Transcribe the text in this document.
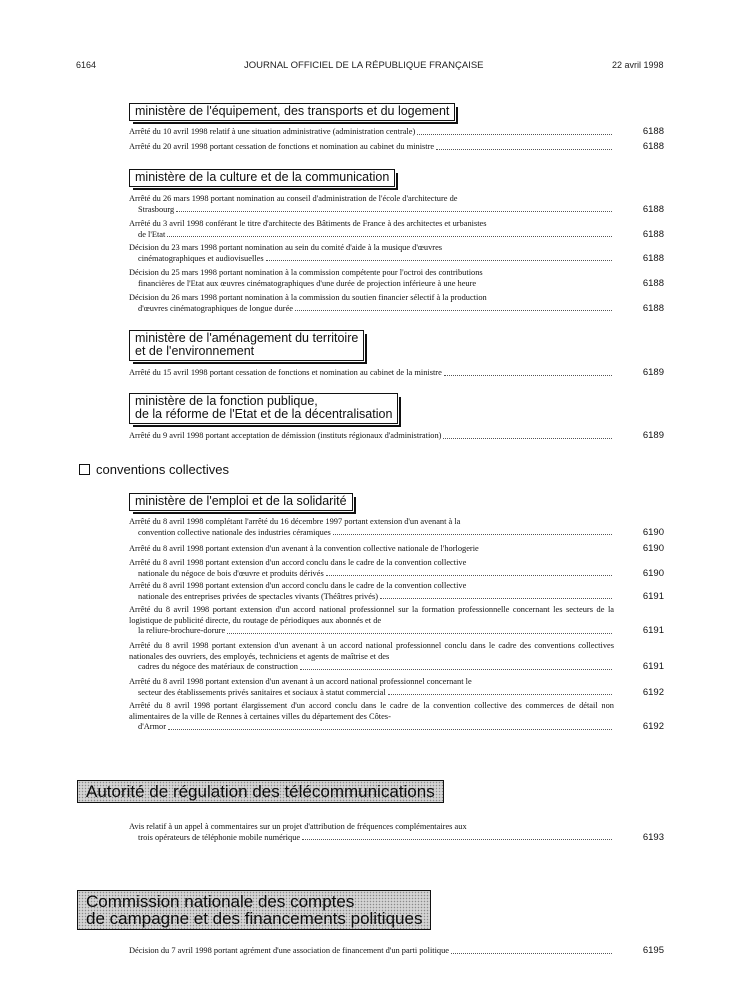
6164	JOURNAL OFFICIEL DE LA RÉPUBLIQUE FRANÇAISE	22 avril 1998
ministère de l'équipement, des transports et du logement
Arrêté du 10 avril 1998 relatif à une situation administrative (administration centrale)	6188
Arrêté du 20 avril 1998 portant cessation de fonctions et nomination au cabinet du ministre	6188
ministère de la culture et de la communication
Arrêté du 26 mars 1998 portant nomination au conseil d'administration de l'école d'architecture de
Strasbourg	6188
Arrêté du 3 avril 1998 conférant le titre d'architecte des Bâtiments de France à des architectes et urbanistes
de l'Etat	6188
Décision du 23 mars 1998 portant nomination au sein du comité d'aide à la musique d'œuvres
cinématographiques et audiovisuelles	6188
Décision du 25 mars 1998 portant nomination à la commission compétente pour l'octroi des contributions
financières de l'Etat aux œuvres cinématographiques d'une durée de projection inférieure à une heure	6188
Décision du 26 mars 1998 portant nomination à la commission du soutien financier sélectif à la production
d'œuvres cinématographiques de longue durée	6188
ministère de l'aménagement du territoire
et de l'environnement
Arrêté du 15 avril 1998 portant cessation de fonctions et nomination au cabinet de la ministre	6189
ministère de la fonction publique,
de la réforme de l'Etat et de la décentralisation
Arrêté du 9 avril 1998 portant acceptation de démission (instituts régionaux d'administration)	6189
conventions collectives
ministère de l'emploi et de la solidarité
Arrêté du 8 avril 1998 complétant l'arrêté du 16 décembre 1997 portant extension d'un avenant à la
convention collective nationale des industries céramiques	6190
Arrêté du 8 avril 1998 portant extension d'un avenant à la convention collective nationale de l'horlogerie	6190
Arrêté du 8 avril 1998 portant extension d'un accord conclu dans le cadre de la convention collective
nationale du négoce de bois d'œuvre et produits dérivés	6190
Arrêté du 8 avril 1998 portant extension d'un accord conclu dans le cadre de la convention collective
nationale des entreprises privées de spectacles vivants (Théâtres privés)	6191
Arrêté du 8 avril 1998 portant extension d'un accord national professionnel sur la formation professionnelle concernant les secteurs de la logistique de publicité directe, du routage de périodiques aux abonnés et de
la reliure-brochure-dorure	6191
Arrêté du 8 avril 1998 portant extension d'un avenant à un accord national professionnel conclu dans le cadre des conventions collectives nationales des ouvriers, des employés, techniciens et agents de maîtrise et des
cadres du négoce des matériaux de construction	6191
Arrêté du 8 avril 1998 portant extension d'un avenant à un accord national professionnel concernant le
secteur des établissements privés sanitaires et sociaux à statut commercial	6192
Arrêté du 8 avril 1998 portant élargissement d'un accord conclu dans le cadre de la convention collective des commerces de détail non alimentaires de la ville de Rennes à certaines villes du département des Côtes-
d'Armor	6192
Autorité de régulation des télécommunications
Avis relatif à un appel à commentaires sur un projet d'attribution de fréquences complémentaires aux
trois opérateurs de téléphonie mobile numérique	6193
Commission nationale des comptes
de campagne et des financements politiques
Décision du 7 avril 1998 portant agrément d'une association de financement d'un parti politique	6195
